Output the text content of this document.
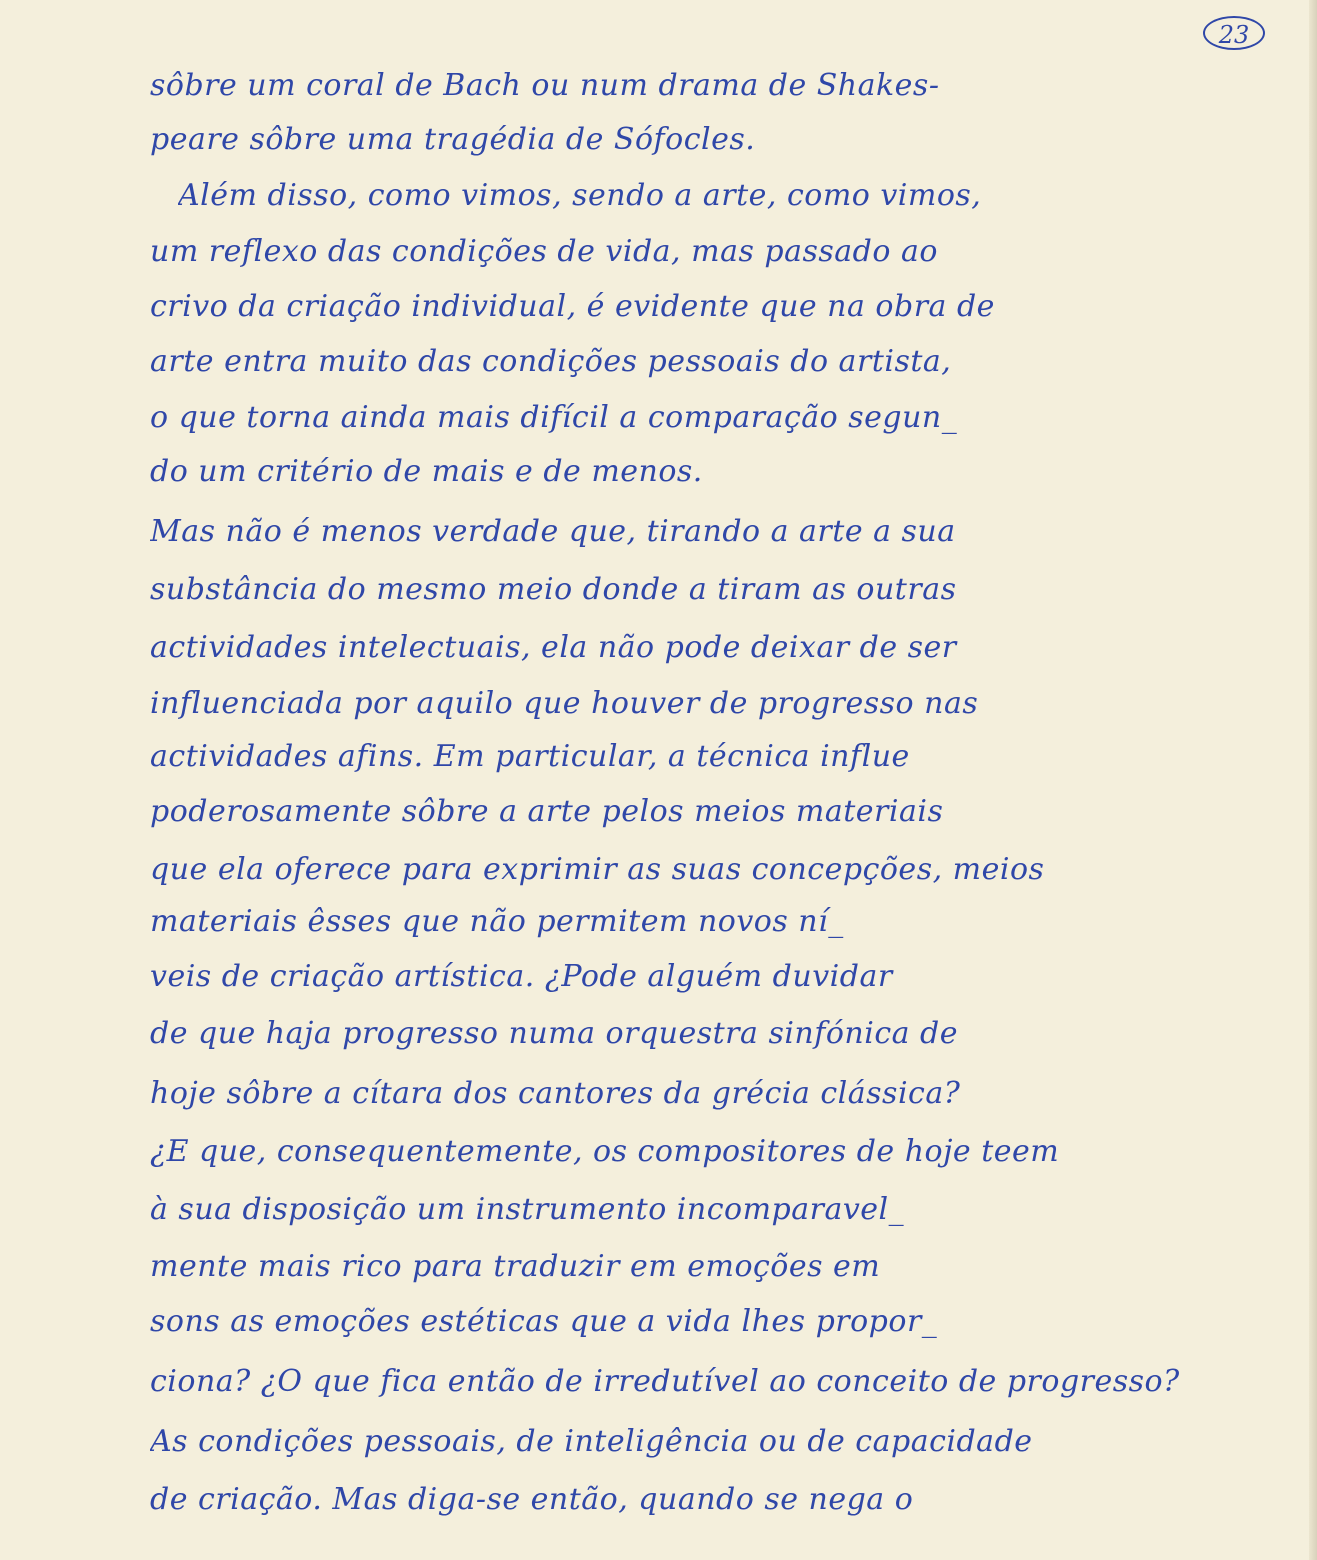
23
sôbre um coral de Bach ou num drama de Shakes-
peare sôbre uma tragédia de Sófocles.
Além disso, como vimos, sendo a arte, como vimos,
um reflexo das condições de vida, mas passado ao
crivo da criação individual, é evidente que na obra de
arte entra muito das condições pessoais do artista,
o que torna ainda mais difícil a comparação segun_
do um critério de mais e de menos.
Mas não é menos verdade que, tirando a arte a sua
substância do mesmo meio donde a tiram as outras
actividades intelectuais, ela não pode deixar de ser
influenciada por aquilo que houver de progresso nas
actividades afins. Em particular, a técnica influe
poderosamente sôbre a arte pelos meios materiais
que ela oferece para exprimir as suas concepções, meios
materiais êsses que não permitem novos ní_
veis de criação artística. ¿Pode alguém duvidar
de que haja progresso numa orquestra sinfónica de
hoje sôbre a cítara dos cantores da grécia clássica?
¿E que, consequentemente, os compositores de hoje teem
à sua disposição um instrumento incomparavel_
mente mais rico para traduzir em emoções em
sons as emoções estéticas que a vida lhes propor_
ciona? ¿O que fica então de irredutível ao conceito de progresso?
As condições pessoais, de inteligência ou de capacidade
de criação. Mas diga-se então, quando se nega o
